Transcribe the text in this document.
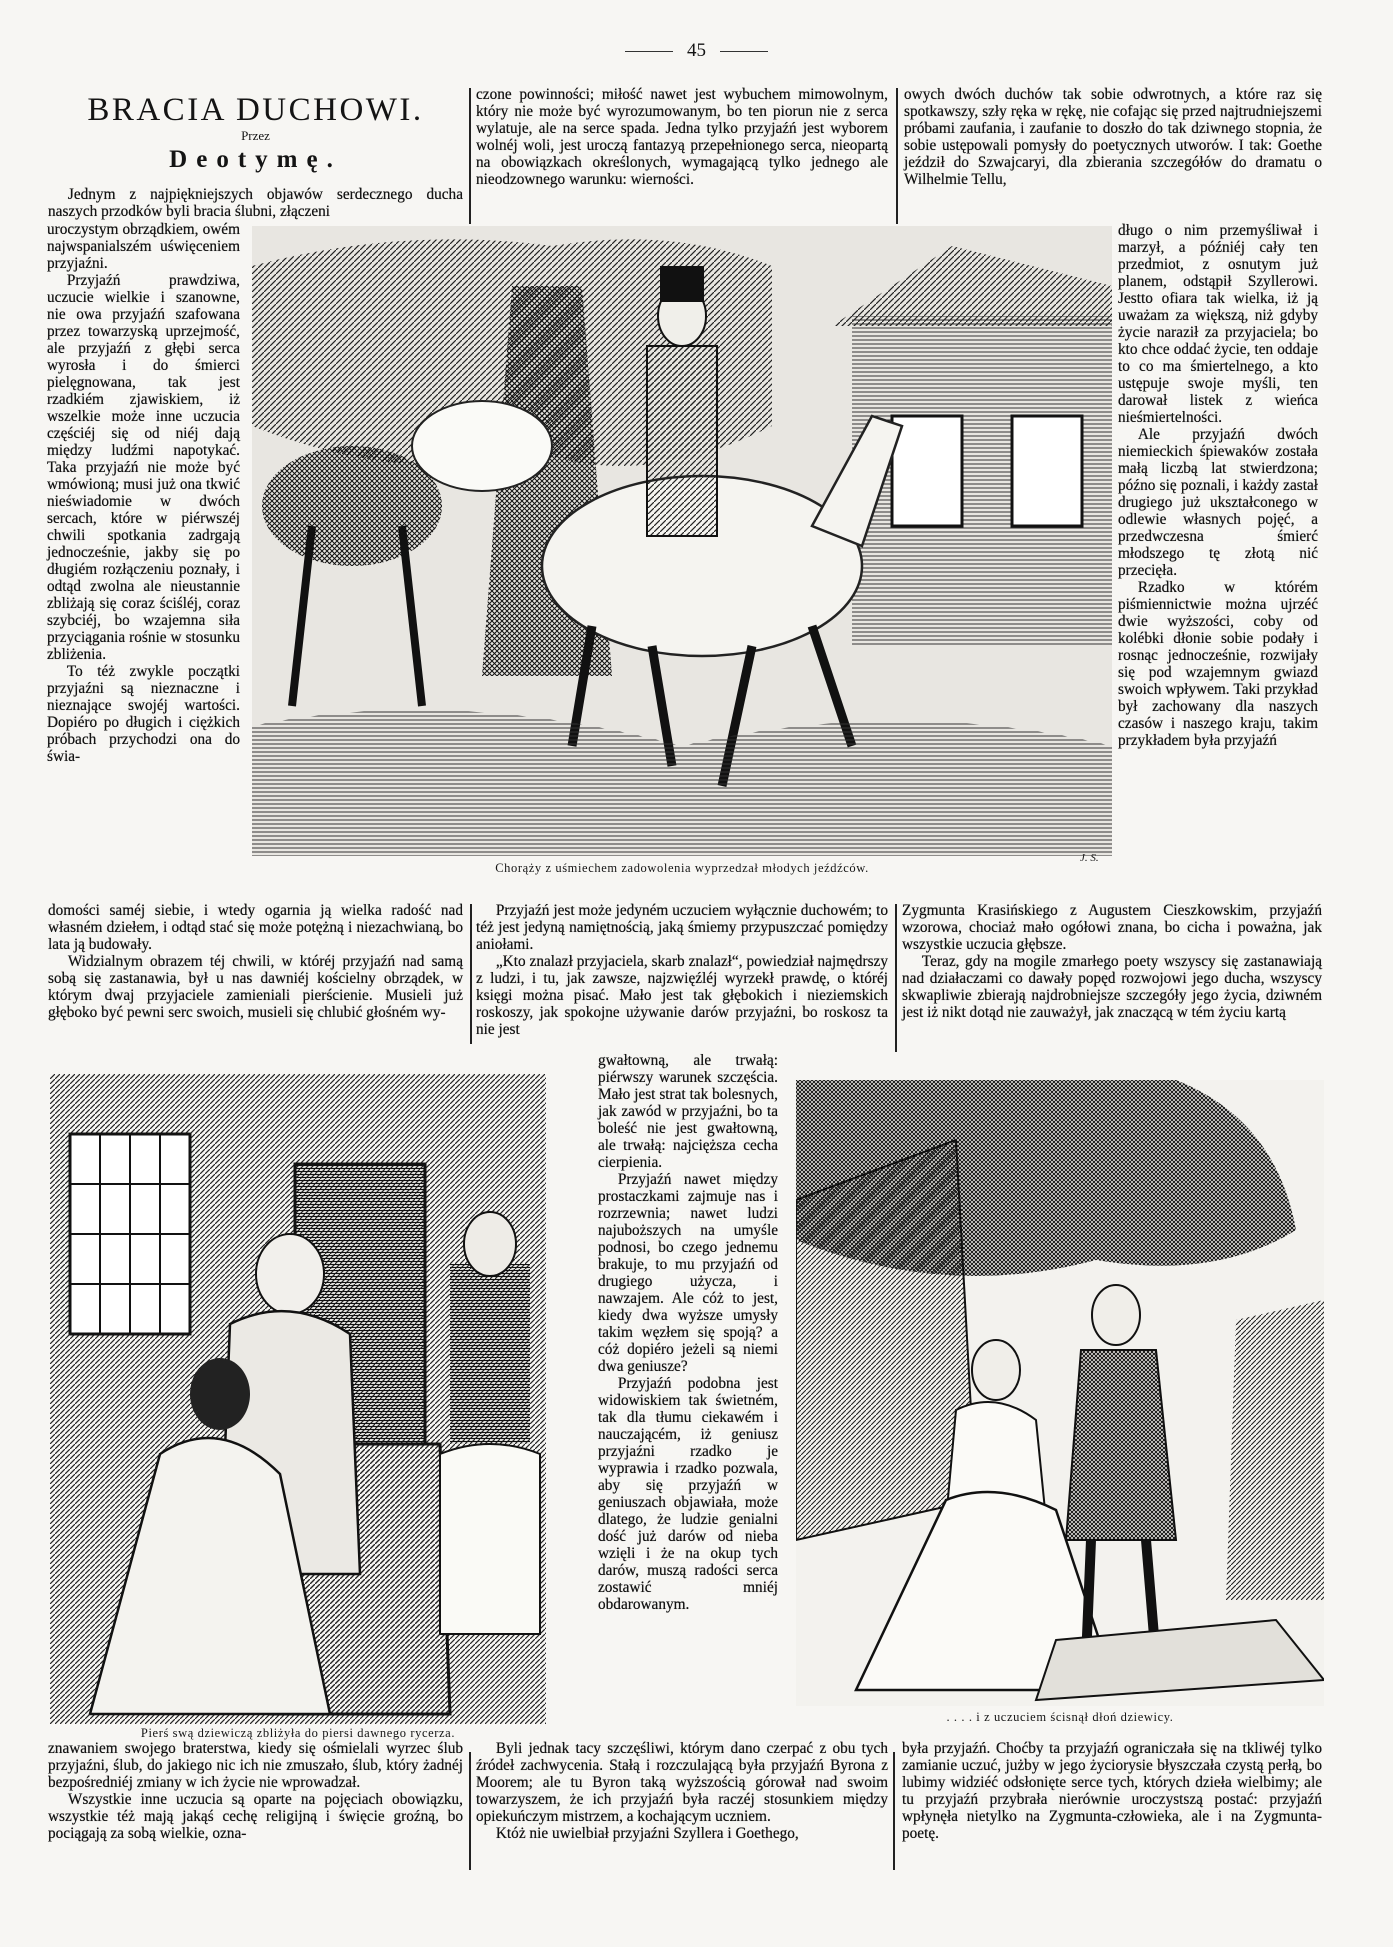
45
BRACIA DUCHOWI.
Przez
Deotymę.

Jednym z najpiękniejszych objawów serdecznego ducha naszych przodków byli bracia ślubni, złączeni

uroczystym obrządkiem, owém najwspanialszém uświęceniem przyjaźni.

Przyjaźń prawdziwa, uczucie wielkie i szanowne, nie owa przyjaźń szafowana przez towarzyską uprzejmość, ale przyjaźń z głębi serca wyrosła i do śmierci pielęgnowana, tak jest rzadkiém zjawiskiem, iż wszelkie może inne uczucia częściéj się od niéj dają między ludźmi napotykać. Taka przyjaźń nie może być wmówioną; musi już ona tkwić nieświadomie w dwóch sercach, które w piérwszéj chwili spotkania zadrgają jednocześnie, jakby się po długiém rozłączeniu poznały, i odtąd zwolna ale nieustannie zbliżają się coraz ściśléj, coraz szybciéj, bo wzajemna siła przyciągania rośnie w stosunku zbliżenia.

To téż zwykle początki przyjaźni są nieznaczne i nieznające swojéj wartości. Dopiéro po długich i ciężkich próbach przychodzi ona do świa-

domości saméj siebie, i wtedy ogarnia ją wielka radość nad własném dziełem, i odtąd stać się może potężną i niezachwianą, bo lata ją budowały.

Widzialnym obrazem téj chwili, w któréj przyjaźń nad samą sobą się zastanawia, był u nas dawniéj kościelny obrządek, w którym dwaj przyjaciele zamieniali pierścienie. Musieli już głęboko być pewni serc swoich, musieli się chlubić głośném wy-

znawaniem swojego braterstwa, kiedy się ośmielali wyrzec ślub przyjaźni, ślub, do jakiego nic ich nie zmuszało, ślub, który żadnéj bezpośredniéj zmiany w ich życie nie wprowadzał.

Wszystkie inne uczucia są oparte na pojęciach obowiązku, wszystkie téż mają jakąś cechę religijną i święcie groźną, bo pociągają za sobą wielkie, ozna-

czone powinności; miłość nawet jest wybuchem mimowolnym, który nie może być wyrozumowanym, bo ten piorun nie z serca wylatuje, ale na serce spada. Jedna tylko przyjaźń jest wyborem wolnéj woli, jest uroczą fantazyą przepełnionego serca, nieopartą na obowiązkach określonych, wymagającą tylko jednego ale nieodzownego warunku: wierności.

Przyjaźń jest może jedyném uczuciem wyłącznie duchowém; to téż jest jedyną namiętnością, jaką śmiemy przypuszczać pomiędzy aniołami.

„Kto znalazł przyjaciela, skarb znalazł“, powiedział najmędrszy z ludzi, i tu, jak zawsze, najzwięźléj wyrzekł prawdę, o któréj księgi można pisać. Mało jest tak głębokich i nieziemskich roskoszy, jak spokojne używanie darów przyjaźni, bo roskosz ta nie jest

gwałtowną, ale trwałą: piérwszy warunek szczęścia. Mało jest strat tak bolesnych, jak zawód w przyjaźni, bo ta boleść nie jest gwałtowną, ale trwałą: najcięższa cecha cierpienia.

Przyjaźń nawet między prostaczkami zajmuje nas i rozrzewnia; nawet ludzi najuboższych na umyśle podnosi, bo czego jednemu brakuje, to mu przyjaźń od drugiego użycza, i nawzajem. Ale cóż to jest, kiedy dwa wyższe umysły takim węzłem się spoją? a cóż dopiéro jeżeli są niemi dwa geniusze?

Przyjaźń podobna jest widowiskiem tak świetném, tak dla tłumu ciekawém i nauczającém, iż geniusz przyjaźni rzadko je wyprawia i rzadko pozwala, aby się przyjaźń w geniuszach objawiała, może dlatego, że ludzie genialni dość już darów od nieba wzięli i że na okup tych darów, muszą radości serca zostawić mniéj obdarowanym.

Byli jednak tacy szczęśliwi, którym dano czerpać z obu tych źródeł zachwycenia. Stałą i rozczulającą była przyjaźń Byrona z Moorem; ale tu Byron taką wyższością górował nad swoim towarzyszem, że ich przyjaźń była raczéj stosunkiem między opiekuńczym mistrzem, a kochającym uczniem.

Któż nie uwielbiał przyjaźni Szyllera i Goethego,

owych dwóch duchów tak sobie odwrotnych, a które raz się spotkawszy, szły ręka w rękę, nie cofając się przed najtrudniejszemi próbami zaufania, i zaufanie to doszło do tak dziwnego stopnia, że sobie ustępowali pomysły do poetycznych utworów. I tak: Goethe jeździł do Szwajcaryi, dla zbierania szczegółów do dramatu o Wilhelmie Tellu,

długo o nim przemyśliwał i marzył, a późniéj cały ten przedmiot, z osnutym już planem, odstąpił Szyllerowi. Jestto ofiara tak wielka, iż ją uważam za większą, niż gdyby życie naraził za przyjaciela; bo kto chce oddać życie, ten oddaje to co ma śmiertelnego, a kto ustępuje swoje myśli, ten darował listek z wieńca nieśmiertelności.

Ale przyjaźń dwóch niemieckich śpiewaków została małą liczbą lat stwierdzona; późno się poznali, i każdy zastał drugiego już ukształconego w odlewie własnych pojęć, a przedwczesna śmierć młodszego tę złotą nić przecięła.

Rzadko w którém piśmiennictwie można ujrzéć dwie wyższości, coby od kolébki dłonie sobie podały i rosnąc jednocześnie, rozwijały się pod wzajemnym gwiazd swoich wpływem. Taki przykład był zachowany dla naszych czasów i naszego kraju, takim przykładem była przyjaźń

Zygmunta Krasińskiego z Augustem Cieszkowskim, przyjaźń wzorowa, chociaż mało ogółowi znana, bo cicha i poważna, jak wszystkie uczucia głębsze.

Teraz, gdy na mogile zmarłego poety wszyscy się zastanawiają nad działaczami co dawały popęd rozwojowi jego ducha, wszyscy skwapliwie zbierają najdrobniejsze szczegóły jego życia, dziwném jest iż nikt dotąd nie zauważył, jak znaczącą w tém życiu kartą

była przyjaźń. Choćby ta przyjaźń ograniczała się na tkliwéj tylko zamianie uczuć, jużby w jego życiorysie błyszczała czystą perłą, bo lubimy widziéć odsłonięte serce tych, których dzieła wielbimy; ale tu przyjaźń przybrała nierównie uroczystszą postać: przyjaźń wpłynęła nietylko na Zygmunta-człowieka, ale i na Zygmunta-poetę.

J. S.
Chorąży z uśmiechem zadowolenia wyprzedzał młodych jeźdźców.
Pierś swą dziewiczą zbliżyła do piersi dawnego rycerza.
. . . . i z uczuciem ścisnął dłoń dziewicy.
